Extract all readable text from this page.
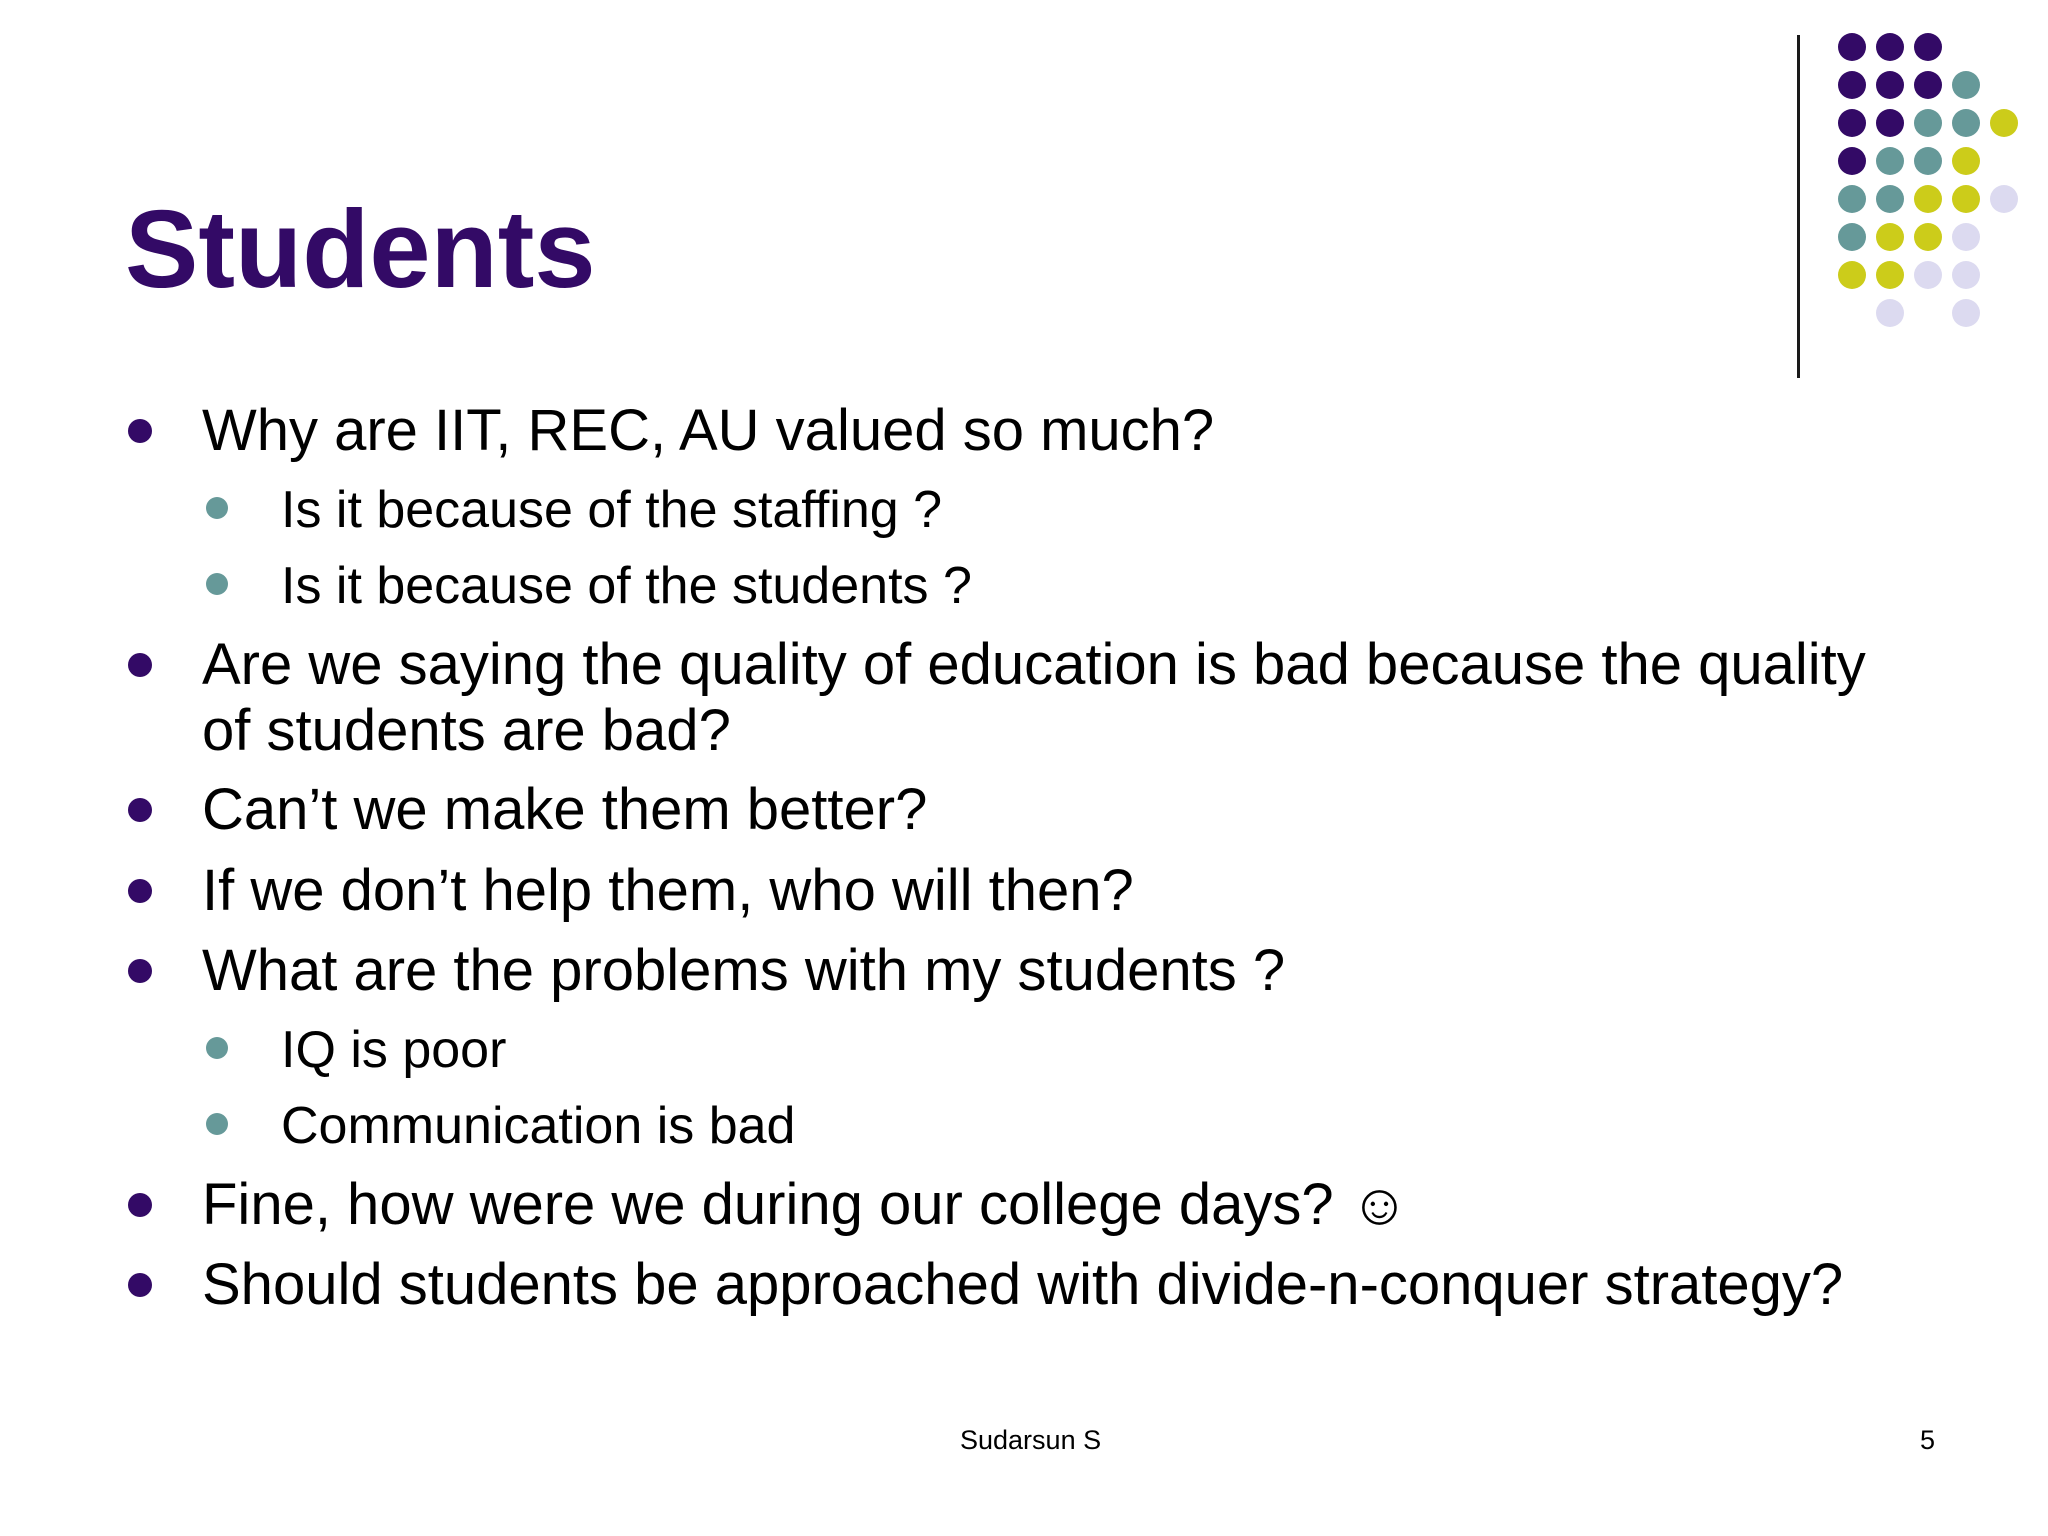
Students
Why are IIT, REC, AU valued so much?
Is it because of the staffing ?
Is it because of the students ?
Are we saying the quality of education is bad because the quality
of students are bad?
Can’t we make them better?
If we don’t help them, who will then?
What are the problems with my students ?
IQ is poor
Communication is bad
Fine, how were we during our college days? ☺
Should students be approached with divide-n-conquer strategy?
Sudarsun S	5
